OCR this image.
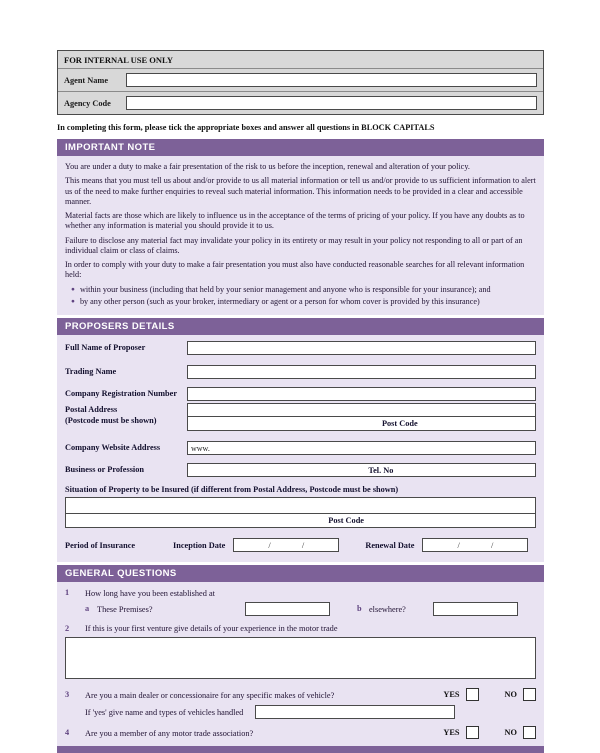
FOR INTERNAL USE ONLY
Agent Name
Agency Code
In completing this form, please tick the appropriate boxes and answer all questions in BLOCK CAPITALS
IMPORTANT NOTE

You are under a duty to make a fair presentation of the risk to us before the inception, renewal and alteration of your policy.

This means that you must tell us about and/or provide to us all material information or tell us and/or provide to us sufficient information to alert us of the need to make further enquiries to reveal such material information. This information needs to be provided in a clear and accessible manner.

Material facts are those which are likely to influence us in the acceptance of the terms of pricing of your policy. If you have any doubts as to whether any information is material you should provide it to us.

Failure to disclose any material fact may invalidate your policy in its entirety or may result in your policy not responding to all or part of an individual claim or class of claims.

In order to comply with your duty to make a fair presentation you must also have conducted reasonable searches for all relevant information held:

● within your business (including that held by your senior management and anyone who is responsible for your insurance); and
● by any other person (such as your broker, intermediary or agent or a person for whom cover is provided by this insurance)
PROPOSERS DETAILS
Full Name of Proposer
Trading Name
Company Registration Number
Postal Address
(Postcode must be shown)	Post Code
Company Website Address	www.
Business or Profession	Tel. No
Situation of Property to be Insured (if different from Postal Address, Postcode must be shown)
Post Code
Period of Insurance	Inception Date	/	/	Renewal Date	/	/
GENERAL QUESTIONS
1	How long have you been established at
a These Premises?	b elsewhere?
2	If this is your first venture give details of your experience in the motor trade
3	Are you a main dealer or concessionaire for any specific makes of vehicle?	YES	NO
If 'yes' give name and types of vehicles handled
4	Are you a member of any motor trade association?	YES	NO
